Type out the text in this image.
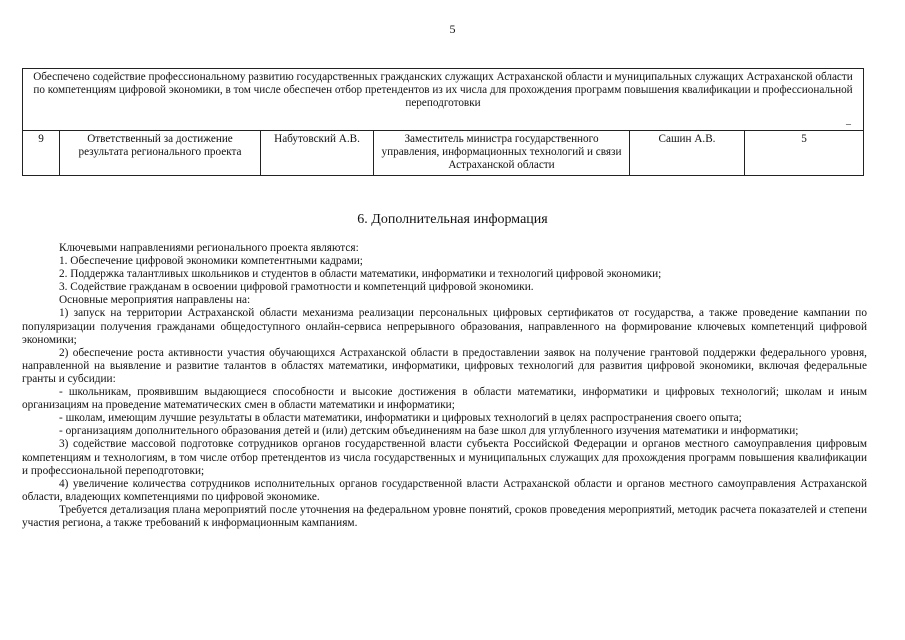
5
Обеспечено содействие профессиональному развитию государственных гражданских служащих Астраханской области и муниципальных служащих Астраханской области по компетенциям цифровой экономики, в том числе обеспечен отбор претендентов из их числа для прохождения программ повышения квалификации и профессиональной переподготовки
–

9	Ответственный за достижение результата регионального проекта	Набутовский А.В.	Заместитель министра государственного управления, информационных технологий и связи Астраханской области	Сашин А.В.	5
6. Дополнительная информация

Ключевыми направлениями регионального проекта являются:

1. Обеспечение цифровой экономики компетентными кадрами;

2. Поддержка талантливых школьников и студентов в области математики, информатики и технологий цифровой экономики;

3. Содействие гражданам в освоении цифровой грамотности и компетенций цифровой экономики.

Основные мероприятия направлены на:

1) запуск на территории Астраханской области механизма реализации персональных цифровых сертификатов от государства, а также проведение кампании по популяризации получения гражданами общедоступного онлайн-сервиса непрерывного образования, направленного на формирование ключевых компетенций цифровой экономики;

2) обеспечение роста активности участия обучающихся Астраханской области в предоставлении заявок на получение грантовой поддержки федерального уровня, направленной на выявление и развитие талантов в областях математики, информатики, цифровых технологий для развития цифровой экономики, включая федеральные гранты и субсидии:

- школьникам, проявившим выдающиеся способности и высокие достижения в области математики, информатики и цифровых технологий; школам и иным организациям на проведение математических смен в области математики и информатики;

- школам, имеющим лучшие результаты в области математики, информатики и цифровых технологий в целях распространения своего опыта;

- организациям дополнительного образования детей и (или) детским объединениям на базе школ для углубленного изучения математики и информатики;

3) содействие массовой подготовке сотрудников органов государственной власти субъекта Российской Федерации и органов местного самоуправления цифровым компетенциям и технологиям, в том числе отбор претендентов из числа государственных и муниципальных служащих для прохождения программ повышения квалификации и профессиональной переподготовки;

4) увеличение количества сотрудников исполнительных органов государственной власти Астраханской области и органов местного самоуправления Астраханской области, владеющих компетенциями по цифровой экономике.

Требуется детализация плана мероприятий после уточнения на федеральном уровне понятий, сроков проведения мероприятий, методик расчета показателей и степени участия региона, а также требований к информационным кампаниям.
